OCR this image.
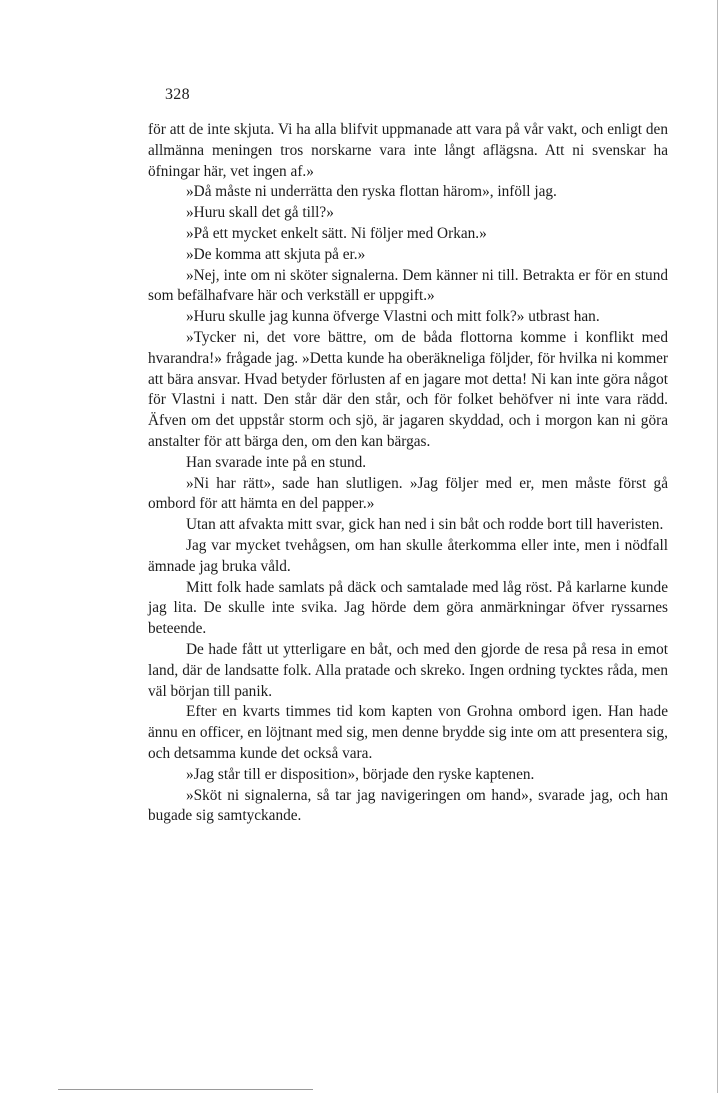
328

för att de inte skjuta. Vi ha alla blifvit uppmanade att vara på vår vakt, och enligt den allmänna meningen tros norskarne vara inte långt aflägsna. Att ni svenskar ha öfningar här, vet ingen af.»

»Då måste ni underrätta den ryska flottan härom», inföll jag.

»Huru skall det gå till?»

»På ett mycket enkelt sätt. Ni följer med Orkan.»

»De komma att skjuta på er.»

»Nej, inte om ni sköter signalerna. Dem känner ni till. Betrakta er för en stund som befälhafvare här och verkställ er uppgift.»

»Huru skulle jag kunna öfverge Vlastni och mitt folk?» utbrast han.

»Tycker ni, det vore bättre, om de båda flottorna komme i konflikt med hvarandra!» frågade jag. »Detta kunde ha oberäkneliga följder, för hvilka ni kommer att bära ansvar. Hvad betyder förlusten af en jagare mot detta! Ni kan inte göra något för Vlastni i natt. Den står där den står, och för folket behöfver ni inte vara rädd. Äfven om det uppstår storm och sjö, är jagaren skyddad, och i morgon kan ni göra anstalter för att bärga den, om den kan bärgas.

Han svarade inte på en stund.

»Ni har rätt», sade han slutligen. »Jag följer med er, men måste först gå ombord för att hämta en del papper.»

Utan att afvakta mitt svar, gick han ned i sin båt och rodde bort till haveristen.

Jag var mycket tvehågsen, om han skulle återkomma eller inte, men i nödfall ämnade jag bruka våld.

Mitt folk hade samlats på däck och samtalade med låg röst. På karlarne kunde jag lita. De skulle inte svika. Jag hörde dem göra anmärkningar öfver ryssarnes beteende.

De hade fått ut ytterligare en båt, och med den gjorde de resa på resa in emot land, där de landsatte folk. Alla pratade och skreko. Ingen ordning tycktes råda, men väl början till panik.

Efter en kvarts timmes tid kom kapten von Grohna ombord igen. Han hade ännu en officer, en löjtnant med sig, men denne brydde sig inte om att presentera sig, och detsamma kunde det också vara.

»Jag står till er disposition», började den ryske kaptenen.

»Sköt ni signalerna, så tar jag navigeringen om hand», svarade jag, och han bugade sig samtyckande.
